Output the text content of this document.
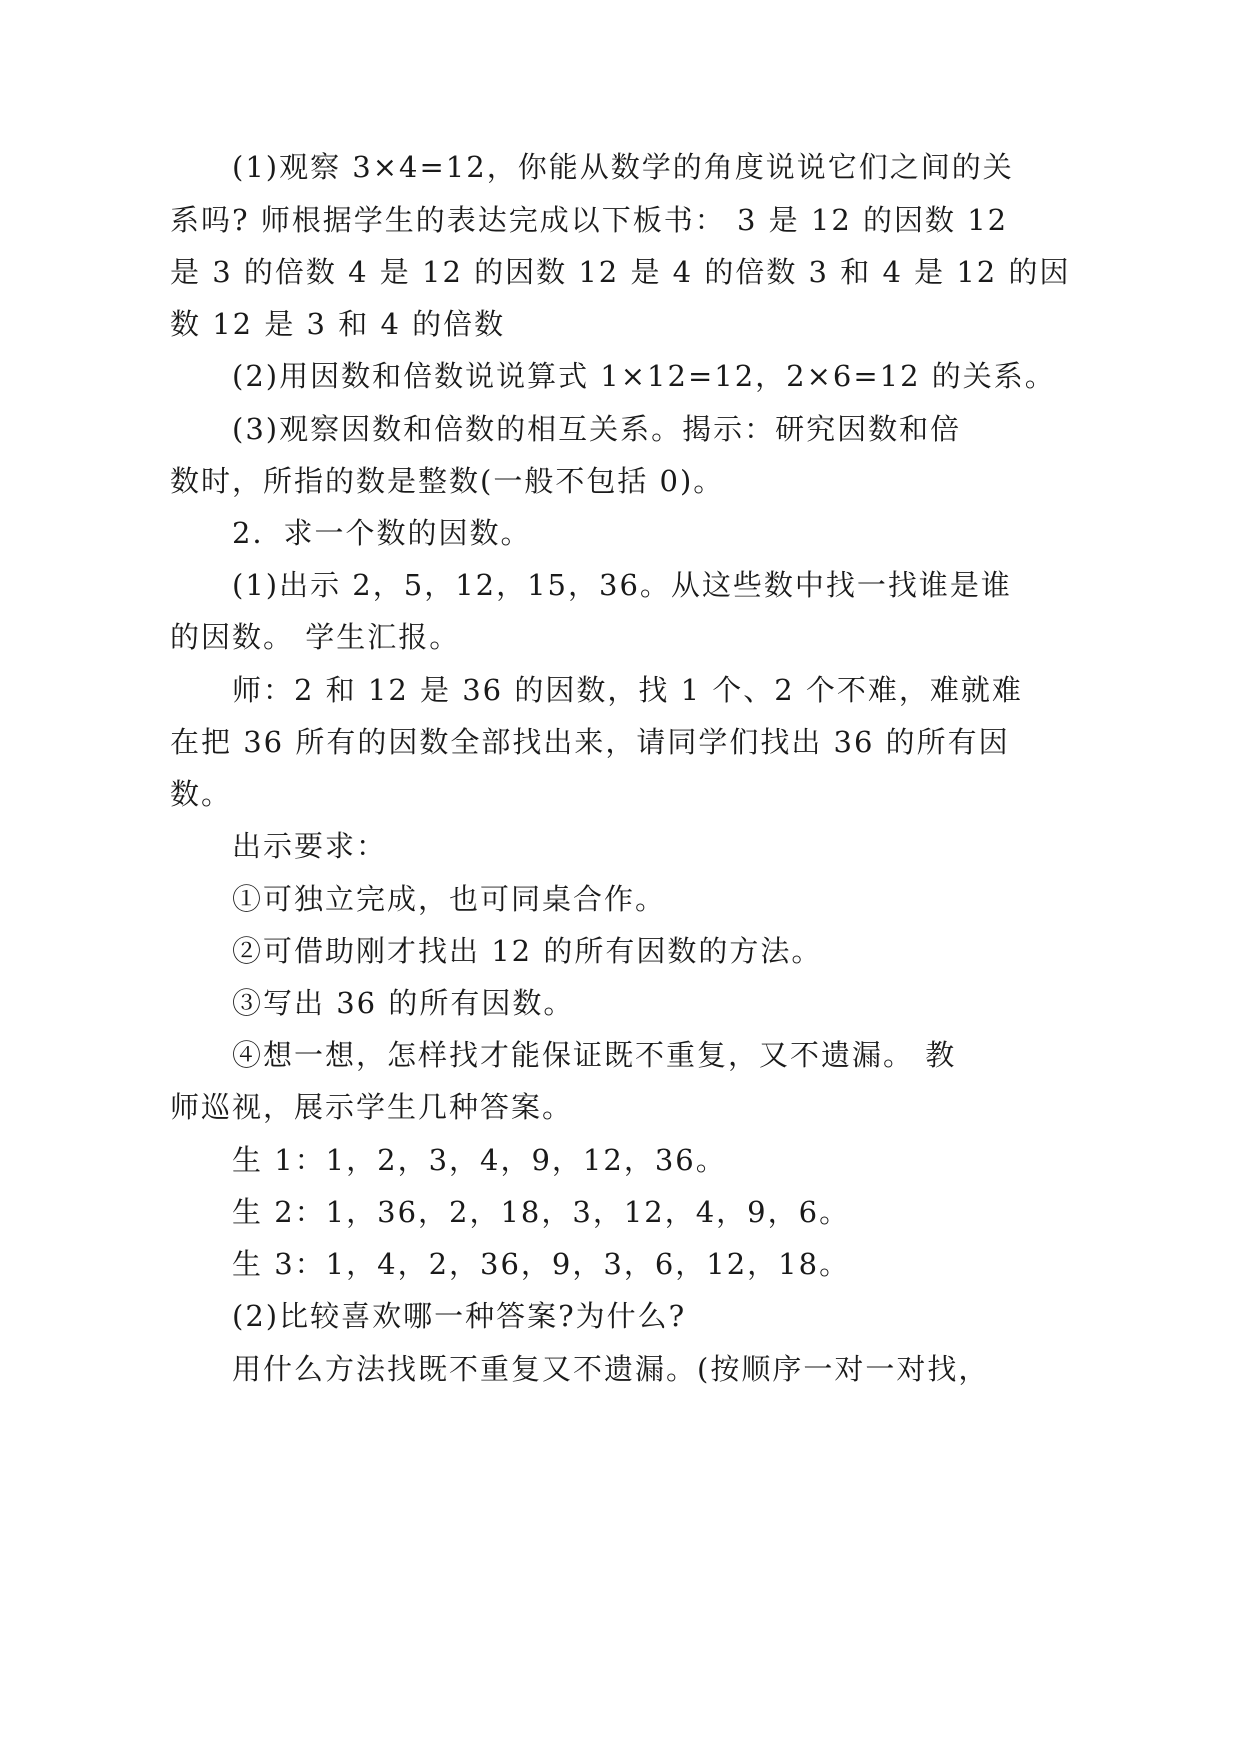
(1)观察 3×4=12，你能从数学的角度说说它们之间的关
系吗? 师根据学生的表达完成以下板书： 3 是 12 的因数 12
是 3 的倍数 4 是 12 的因数 12 是 4 的倍数 3 和 4 是 12 的因
数 12 是 3 和 4 的倍数
(2)用因数和倍数说说算式 1×12=12，2×6=12 的关系。
(3)观察因数和倍数的相互关系。揭示：研究因数和倍
数时，所指的数是整数(一般不包括 0)。
2．求一个数的因数。
(1)出示 2，5，12，15，36。从这些数中找一找谁是谁
的因数。 学生汇报。
师：2 和 12 是 36 的因数，找 1 个、2 个不难，难就难
在把 36 所有的因数全部找出来，请同学们找出 36 的所有因
数。
出示要求：
①可独立完成，也可同桌合作。
②可借助刚才找出 12 的所有因数的方法。
③写出 36 的所有因数。
④想一想，怎样找才能保证既不重复，又不遗漏。 教
师巡视，展示学生几种答案。
生 1：1，2，3，4，9，12，36。
生 2：1，36，2，18，3，12，4，9，6。
生 3：1，4，2，36，9，3，6，12，18。
(2)比较喜欢哪一种答案?为什么?
用什么方法找既不重复又不遗漏。(按顺序一对一对找，
